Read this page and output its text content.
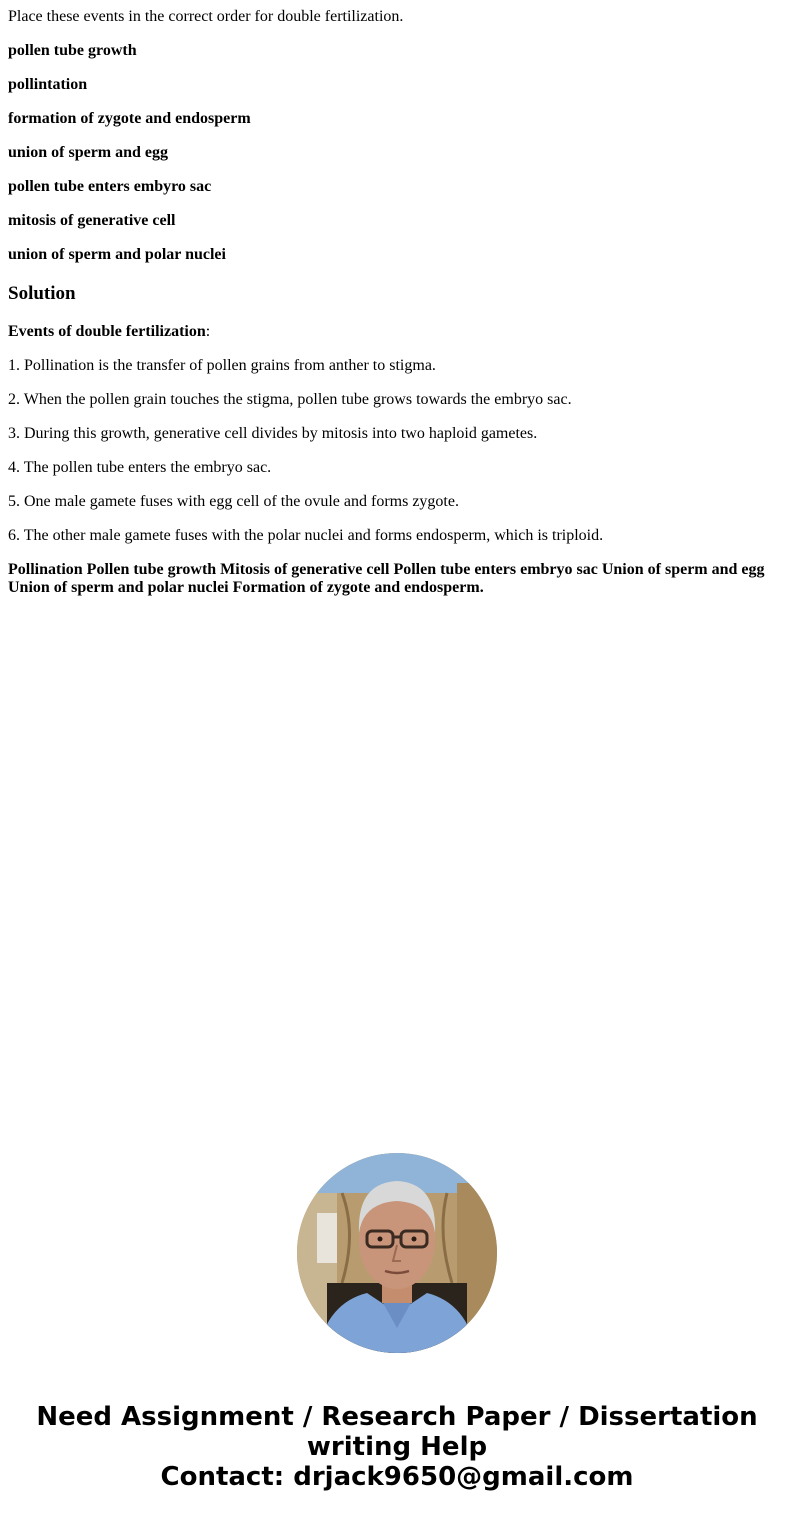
Place these events in the correct order for double fertilization.

pollen tube growth

pollintation

formation of zygote and endosperm

union of sperm and egg

pollen tube enters embyro sac

mitosis of generative cell

union of sperm and polar nuclei

Solution

Events of double fertilization:

1. Pollination is the transfer of pollen grains from anther to stigma.

2. When the pollen grain touches the stigma, pollen tube grows towards the embryo sac.

3. During this growth, generative cell divides by mitosis into two haploid gametes.

4. The pollen tube enters the embryo sac.

5. One male gamete fuses with egg cell of the ovule and forms zygote.

6. The other male gamete fuses with the polar nuclei and forms endosperm, which is triploid.

Pollination Pollen tube growth Mitosis of generative cell Pollen tube enters embryo sac Union of sperm and egg Union of sperm and polar nuclei Formation of zygote and endosperm.

Need Assignment / Research Paper / Dissertation
writing Help
Contact: drjack9650@gmail.com
